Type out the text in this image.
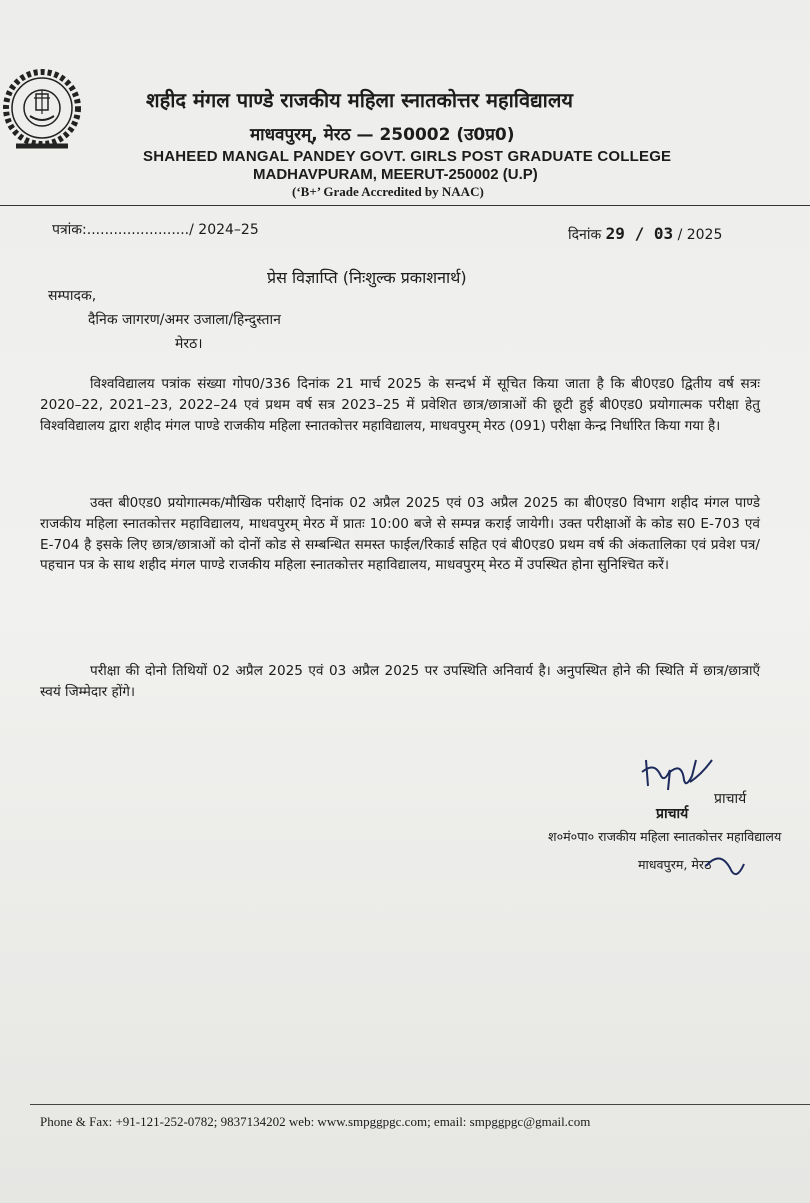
शहीद मंगल पाण्डे राजकीय महिला स्नातकोत्तर महाविद्यालय
माधवपुरम्, मेरठ — 250002 (उ0प्र0)
SHAHEED MANGAL PANDEY GOVT. GIRLS POST GRADUATE COLLEGE
MADHAVPURAM, MEERUT-250002 (U.P)
(‘B+’ Grade Accredited by NAAC)
पत्रांक:......................./ 2024–25	दिनांक 29 / 03 / 2025
प्रेस विज्ञाप्ति (निःशुल्क प्रकाशनार्थ)
सम्पादक,
दैनिक जागरण/अमर उजाला/हिन्दुस्तान
मेरठ।

विश्वविद्यालय पत्रांक संख्या गोप0/336 दिनांक 21 मार्च 2025 के सन्दर्भ में सूचित किया जाता है कि बी0एड0 द्वितीय वर्ष सत्रः 2020–22, 2021–23, 2022–24 एवं प्रथम वर्ष सत्र 2023–25 में प्रवेशित छात्र/छात्राओं की छूटी हुई बी0एड0 प्रयोगात्मक परीक्षा हेतु विश्वविद्यालय द्वारा शहीद मंगल पाण्डे राजकीय महिला स्नातकोत्तर महाविद्यालय, माधवपुरम् मेरठ (091) परीक्षा केन्द्र निर्धारित किया गया है।

उक्त बी0एड0 प्रयोगात्मक/मौखिक परीक्षाऐं दिनांक 02 अप्रैल 2025 एवं 03 अप्रैल 2025 का बी0एड0 विभाग शहीद मंगल पाण्डे राजकीय महिला स्नातकोत्तर महाविद्यालय, माधवपुरम् मेरठ में प्रातः 10:00 बजे से सम्पन्न कराई जायेगी। उक्त परीक्षाओं के कोड स0 E-703 एवं E-704 है इसके लिए छात्र/छात्राओं को दोनों कोड से सम्बन्धित समस्त फाईल/रिकार्ड सहित एवं बी0एड0 प्रथम वर्ष की अंकतालिका एवं प्रवेश पत्र/पहचान पत्र के साथ शहीद मंगल पाण्डे राजकीय महिला स्नातकोत्तर महाविद्यालय, माधवपुरम् मेरठ में उपस्थित होना सुनिश्चित करें।

परीक्षा की दोनो तिथियों 02 अप्रैल 2025 एवं 03 अप्रैल 2025 पर उपस्थिति अनिवार्य है। अनुपस्थित होने की स्थिति में छात्र/छात्राएँ स्वयं जिम्मेदार होंगे।

प्राचार्य
प्राचार्य
श०मं०पा० राजकीय महिला स्नातकोत्तर महाविद्यालय
माधवपुरम, मेरठ
Phone & Fax: +91-121-252-0782; 9837134202 web: www.smpggpgc.com; email: smpggpgc@gmail.com
